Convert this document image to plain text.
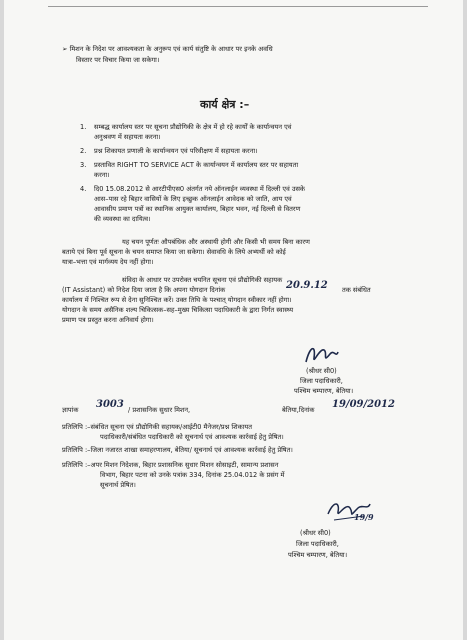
➢ मिशन के निदेश पर आवश्यकता के अनुरूप एवं कार्य संतुष्टि के आधार पर इनके अवधि
विस्तार पर विचार किया जा सकेगा।
कार्य क्षेत्र :–
1. सम्बद्ध कार्यालय स्तर पर सूचना प्रौद्योगिकी के क्षेत्र में हो रहे कार्यों के कार्यान्वयन एवं
अनुश्रवण में सहायता करना।
2. प्रश्न शिकायत प्रणाली के कार्यान्वयन एवं परिवीक्षण में सहायता करना।
3. प्रस्तावित RIGHT TO SERVICE ACT के कार्यान्वयन में कार्यालय स्तर पर सहायता
करना।
4. दि0 15.08.2012 से आरटीपीएस0 अंतर्गत नये ऑनलाईन व्यवस्था में दिल्ली एवं उसके
आस–पास रहे बिहार वासियों के लिए इच्छुक ऑनलाईन आवेदक को जाति, आय एवं
आवासीय प्रमाण पत्रों का स्थानिक आयुक्त कार्यालय, बिहार भवन, नई दिल्ली से वितरण
की व्यवस्था का दायित्व।
यह चयन पूर्णतः औपबंधिक और अस्थायी होगी और किसी भी समय बिना कारण
बताये एवं बिना पूर्व सूचना के चयन समाप्त किया जा सकेगा। सेवावधि के लिये अभ्यर्थी को कोई
यात्रा–भत्ता एवं मार्गव्यय देय नहीं होगा।
संविदा के आधार पर उपरोक्त चयनित सूचना एवं प्रौद्योगिकी सहायक
(IT Assistant) को निदेश दिया जाता है कि अपना योगदान दिनांक	20.9.12 तक संबंधित
कार्यालय में निश्चित रूप से देना सुनिश्चित करें। उक्त तिथि के पश्चात् योगदान स्वीकार नहीं होगा।
योगदान के समय असैनिक शल्य चिकित्सक–सह–मुख्य चिकित्सा पदाधिकारी के द्वारा निर्गत स्वास्थ्य
प्रमाण पत्र प्रस्तुत करना अनिवार्य होगा।
(श्रीधर सी0)
जिला पदाधिकारी,
पश्चिम चम्पारण, बेतिया।
ज्ञापांक 3003 / प्रशासनिक सुधार मिशन,	बेतिया,दिनांक 19/09/2012
प्रतिलिपि :–संबंधित सूचना एवं प्रौद्योगिकी सहायक/आईटी0 मैनेजर/प्रश्न शिकायत
पदाधिकारी/संबंधित पदाधिकारी को सूचनार्थ एवं आवश्यक कार्रवाई हेतु प्रेषित।
प्रतिलिपि :–जिला नजारत शाखा समाहरणालय, बेतिया/ सूचनार्थ एवं आवश्यक कार्रवाई हेतु प्रेषित।
प्रतिलिपि :–अपर मिशन निदेशक, बिहार प्रशासनिक सुधार मिशन सोसाइटी, सामान्य प्रशासन
विभाग, बिहार पटना को उनके पत्रांक 334, दिनांक 25.04.012 के प्रसंग में
सूचनार्थ प्रेषित।
19/9
(श्रीधर सी0)
जिला पदाधिकारी,
पश्चिम चम्पारण, बेतिया।
